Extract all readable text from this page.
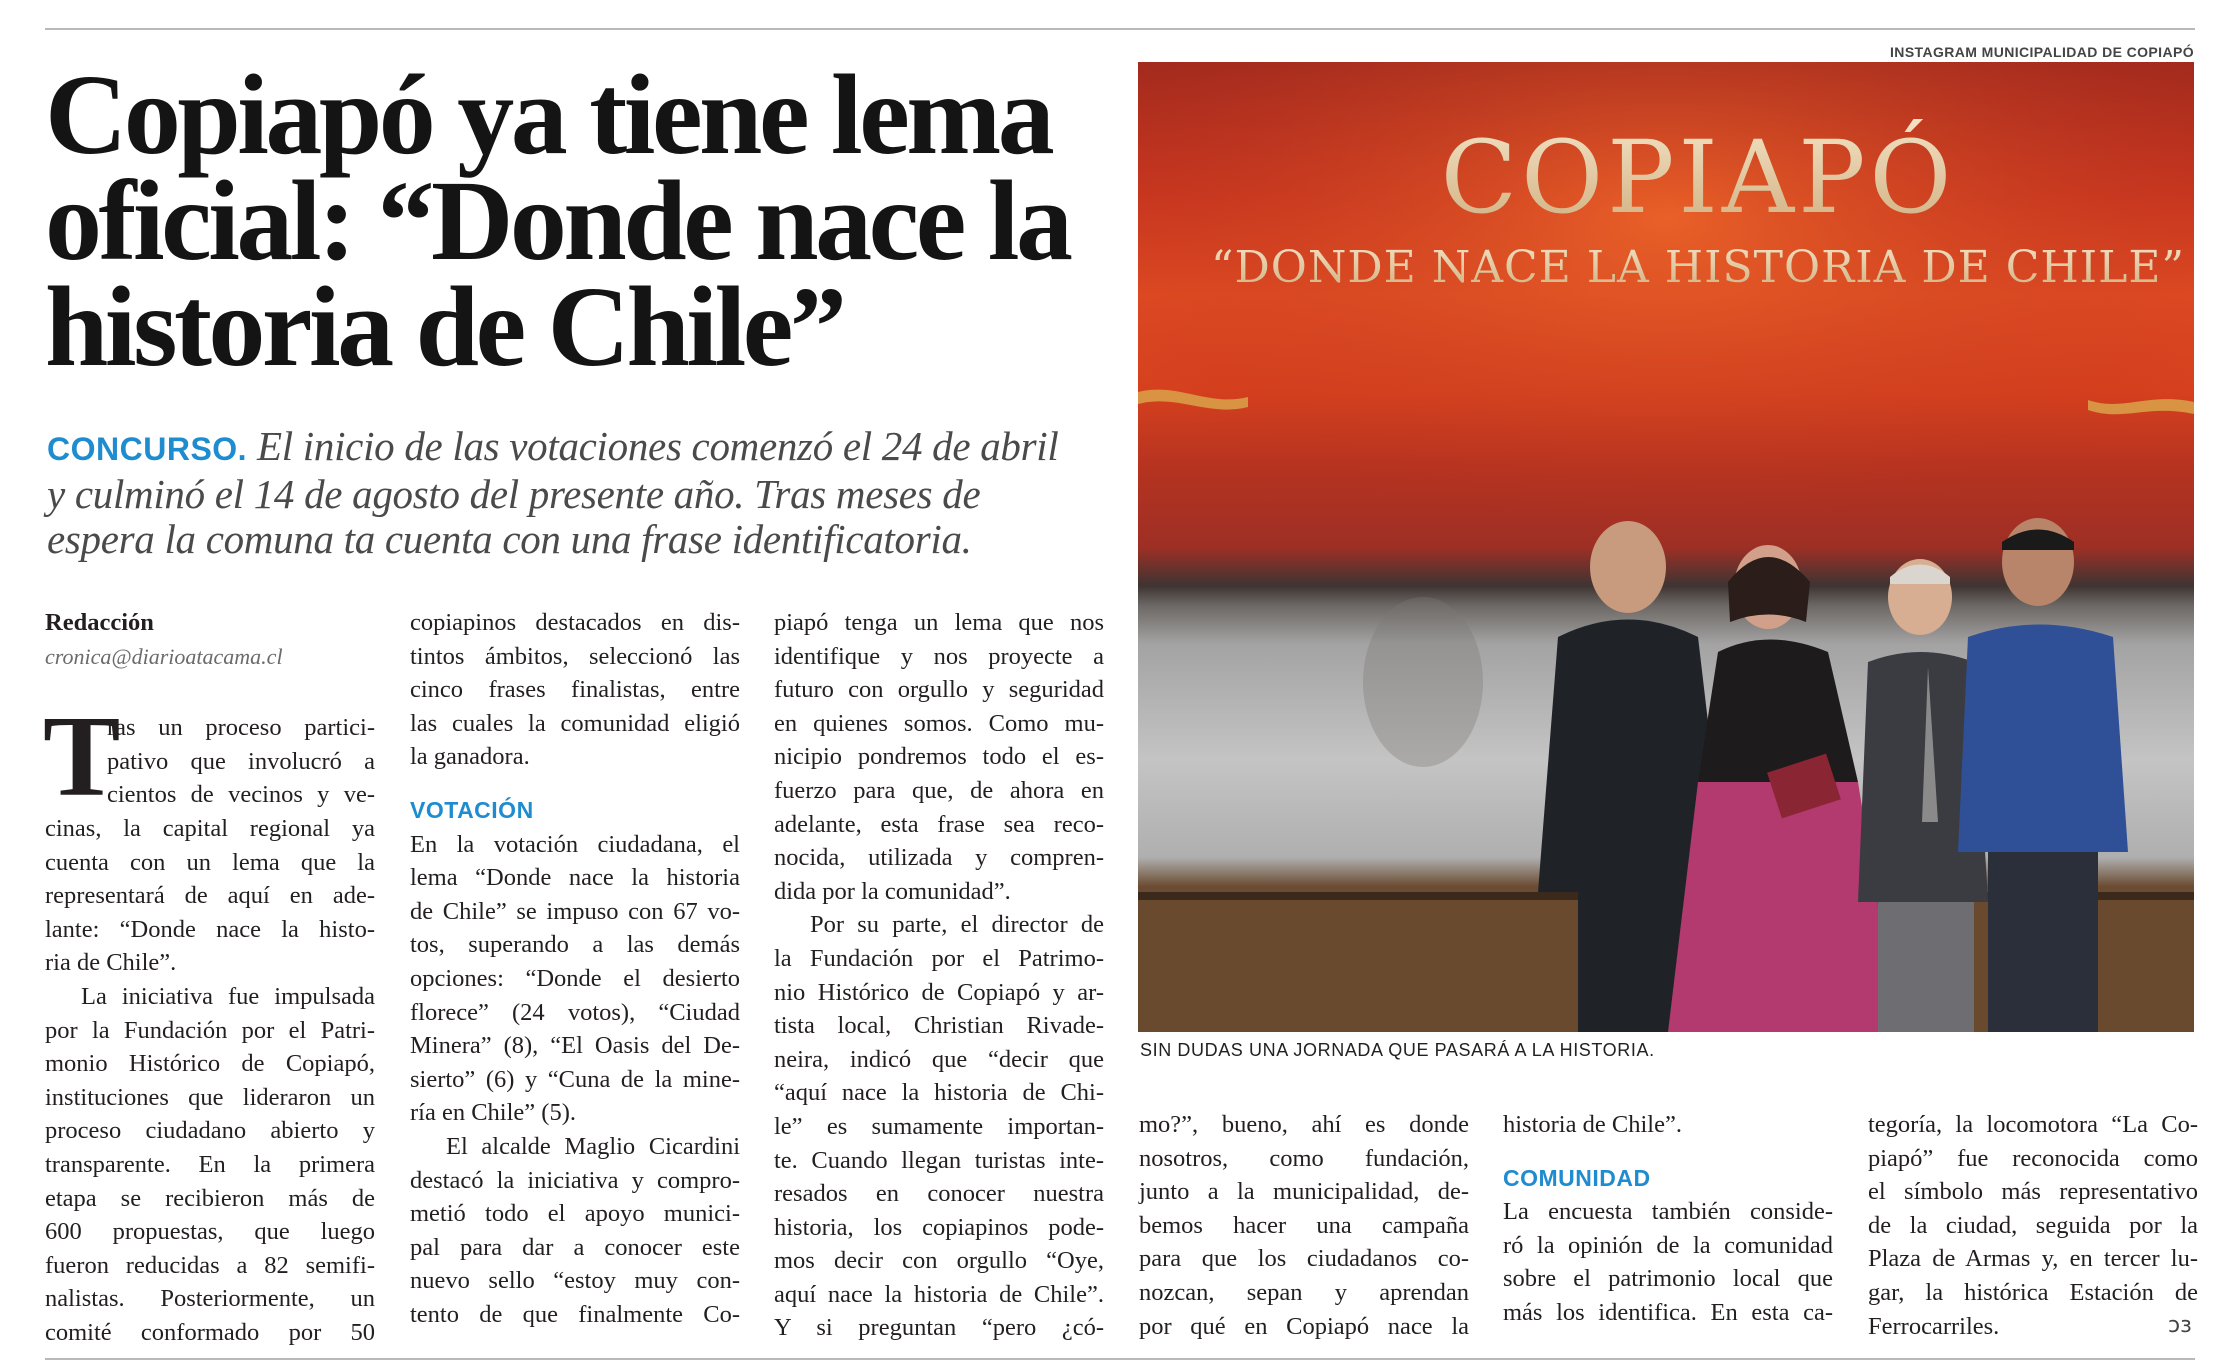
Copiapó ya tiene lema
oficial: “Donde nace la
historia de Chile”

CONCURSO. El inicio de las votaciones comenzó el 24 de abril
y culminó el 14 de agosto del presente año. Tras meses de
espera la comuna ta cuenta con una frase identificatoria.

Redacción
cronica@diarioatacama.cl
T
ras un proceso partici-
pativo que involucró a
cientos de vecinos y ve-
cinas, la capital regional ya
cuenta con un lema que la
representará de aquí en ade-
lante: “Donde nace la histo-
ria de Chile”.
La iniciativa fue impulsada
por la Fundación por el Patri-
monio Histórico de Copiapó,
instituciones que lideraron un
proceso ciudadano abierto y
transparente. En la primera
etapa se recibieron más de
600 propuestas, que luego
fueron reducidas a 82 semifi-
nalistas. Posteriormente, un
comité conformado por 50
copiapinos destacados en dis-
tintos ámbitos, seleccionó las
cinco frases finalistas, entre
las cuales la comunidad eligió
la ganadora.
VOTACIÓN
En la votación ciudadana, el
lema “Donde nace la historia
de Chile” se impuso con 67 vo-
tos, superando a las demás
opciones: “Donde el desierto
florece” (24 votos), “Ciudad
Minera” (8), “El Oasis del De-
sierto” (6) y “Cuna de la mine-
ría en Chile” (5).
El alcalde Maglio Cicardini
destacó la iniciativa y compro-
metió todo el apoyo munici-
pal para dar a conocer este
nuevo sello “estoy muy con-
tento de que finalmente Co-
piapó tenga un lema que nos
identifique y nos proyecte a
futuro con orgullo y seguridad
en quienes somos. Como mu-
nicipio pondremos todo el es-
fuerzo para que, de ahora en
adelante, esta frase sea reco-
nocida, utilizada y compren-
dida por la comunidad”.
Por su parte, el director de
la Fundación por el Patrimo-
nio Histórico de Copiapó y ar-
tista local, Christian Rivade-
neira, indicó que “decir que
“aquí nace la historia de Chi-
le” es sumamente importan-
te. Cuando llegan turistas inte-
resados en conocer nuestra
historia, los copiapinos pode-
mos decir con orgullo “Oye,
aquí nace la historia de Chile”.
Y si preguntan “pero ¿có-
INSTAGRAM MUNICIPALIDAD DE COPIAPÓ
COPIAPÓ
“DONDE NACE LA HISTORIA DE CHILE”
SIN DUDAS UNA JORNADA QUE PASARÁ A LA HISTORIA.
mo?”, bueno, ahí es donde
nosotros, como fundación,
junto a la municipalidad, de-
bemos hacer una campaña
para que los ciudadanos co-
nozcan, sepan y aprendan
por qué en Copiapó nace la
historia de Chile”.
COMUNIDAD
La encuesta también conside-
ró la opinión de la comunidad
sobre el patrimonio local que
más los identifica. En esta ca-
tegoría, la locomotora “La Co-
piapó” fue reconocida como
el símbolo más representativo
de la ciudad, seguida por la
Plaza de Armas y, en tercer lu-
gar, la histórica Estación de
Ferrocarriles.	ↄɜ
